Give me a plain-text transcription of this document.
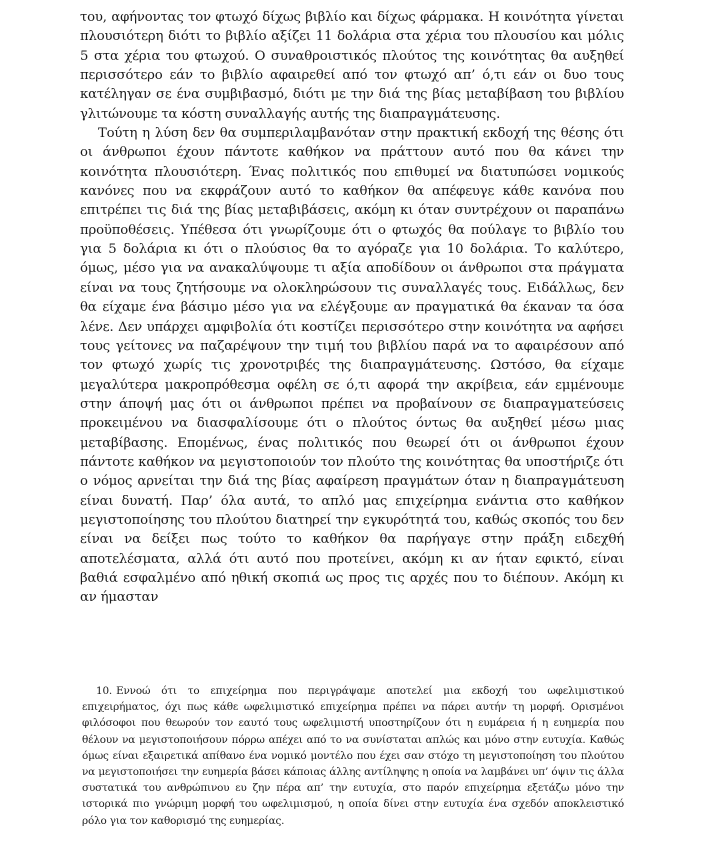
του, αφήνοντας τον φτωχό δίχως βιβλίο και δίχως φάρμακα. Η κοινότητα γίνεται πλουσιότερη διότι το βιβλίο αξίζει 11 δολάρια στα χέρια του πλουσίου και μόλις 5 στα χέρια του φτωχού. Ο συναθροιστικός πλούτος της κοινότητας θα αυξηθεί περισσότερο εάν το βιβλίο αφαιρεθεί από τον φτωχό απ’ ό,τι εάν οι δυο τους κατέληγαν σε ένα συμβιβασμό, διότι με την διά της βίας μεταβίβαση του βιβλίου γλιτώνουμε τα κόστη συναλλαγής αυτής της διαπραγμάτευσης.

Τούτη η λύση δεν θα συμπεριλαμβανόταν στην πρακτική εκδοχή της θέσης ότι οι άνθρωποι έχουν πάντοτε καθήκον να πράττουν αυτό που θα κάνει την κοινότητα πλουσιότερη. Ένας πολιτικός που επιθυμεί να διατυπώσει νομικούς κανόνες που να εκφράζουν αυτό το καθήκον θα απέφευγε κάθε κανόνα που επιτρέπει τις διά της βίας μεταβιβάσεις, ακόμη κι όταν συντρέχουν οι παραπάνω προϋποθέσεις. Υπέθεσα ότι γνωρίζουμε ότι ο φτωχός θα πούλαγε το βιβλίο του για 5 δολάρια κι ότι ο πλούσιος θα το αγόραζε για 10 δολάρια. Το καλύτερο, όμως, μέσο για να ανακαλύψουμε τι αξία αποδίδουν οι άνθρωποι στα πράγματα είναι να τους ζητήσουμε να ολοκληρώσουν τις συναλλαγές τους. Ειδάλλως, δεν θα είχαμε ένα βάσιμο μέσο για να ελέγξουμε αν πραγματικά θα έκαναν τα όσα λένε. Δεν υπάρχει αμφιβολία ότι κοστίζει περισσότερο στην κοινότητα να αφήσει τους γείτονες να παζαρέψουν την τιμή του βιβλίου παρά να το αφαιρέσουν από τον φτωχό χωρίς τις χρονοτριβές της διαπραγμάτευσης. Ωστόσο, θα είχαμε μεγαλύτερα μακροπρόθεσμα οφέλη σε ό,τι αφορά την ακρίβεια, εάν εμμένουμε στην άποψή μας ότι οι άνθρωποι πρέπει να προβαίνουν σε διαπραγματεύσεις προκειμένου να διασφαλίσουμε ότι ο πλούτος όντως θα αυξηθεί μέσω μιας μεταβίβασης. Επομένως, ένας πολιτικός που θεωρεί ότι οι άνθρωποι έχουν πάντοτε καθήκον να μεγιστοποιούν τον πλούτο της κοινότητας θα υποστήριζε ότι ο νόμος αρνείται την διά της βίας αφαίρεση πραγμάτων όταν η διαπραγμάτευση είναι δυνατή. Παρ’ όλα αυτά, το απλό μας επιχείρημα ενάντια στο καθήκον μεγιστοποίησης του πλούτου διατηρεί την εγκυρότητά του, καθώς σκοπός του δεν είναι να δείξει πως τούτο το καθήκον θα παρήγαγε στην πράξη ειδεχθή αποτελέσματα, αλλά ότι αυτό που προτείνει, ακόμη κι αν ήταν εφικτό, είναι βαθιά εσφαλμένο από ηθική σκοπιά ως προς τις αρχές που το διέπουν. Ακόμη κι αν ήμασταν

10. Εννοώ ότι το επιχείρημα που περιγράψαμε αποτελεί μια εκδοχή του ωφελιμιστικού επιχειρήματος, όχι πως κάθε ωφελιμιστικό επιχείρημα πρέπει να πάρει αυτήν τη μορφή. Ορισμένοι φιλόσοφοι που θεωρούν τον εαυτό τους ωφελιμιστή υποστηρίζουν ότι η ευμάρεια ή η ευημερία που θέλουν να μεγιστοποιήσουν πόρρω απέχει από το να συνίσταται απλώς και μόνο στην ευτυχία. Καθώς όμως είναι εξαιρετικά απίθανο ένα νομικό μοντέλο που έχει σαν στόχο τη μεγιστοποίηση του πλούτου να μεγιστοποιήσει την ευημερία βάσει κάποιας άλλης αντίληψης η οποία να λαμβάνει υπ’ όψιν τις άλλα συστατικά του ανθρώπινου ευ ζην πέρα απ’ την ευτυχία, στο παρόν επιχείρημα εξετάζω μόνο την ιστορικά πιο γνώριμη μορφή του ωφελιμισμού, η οποία δίνει στην ευτυχία ένα σχεδόν αποκλειστικό ρόλο για τον καθορισμό της ευημερίας.
